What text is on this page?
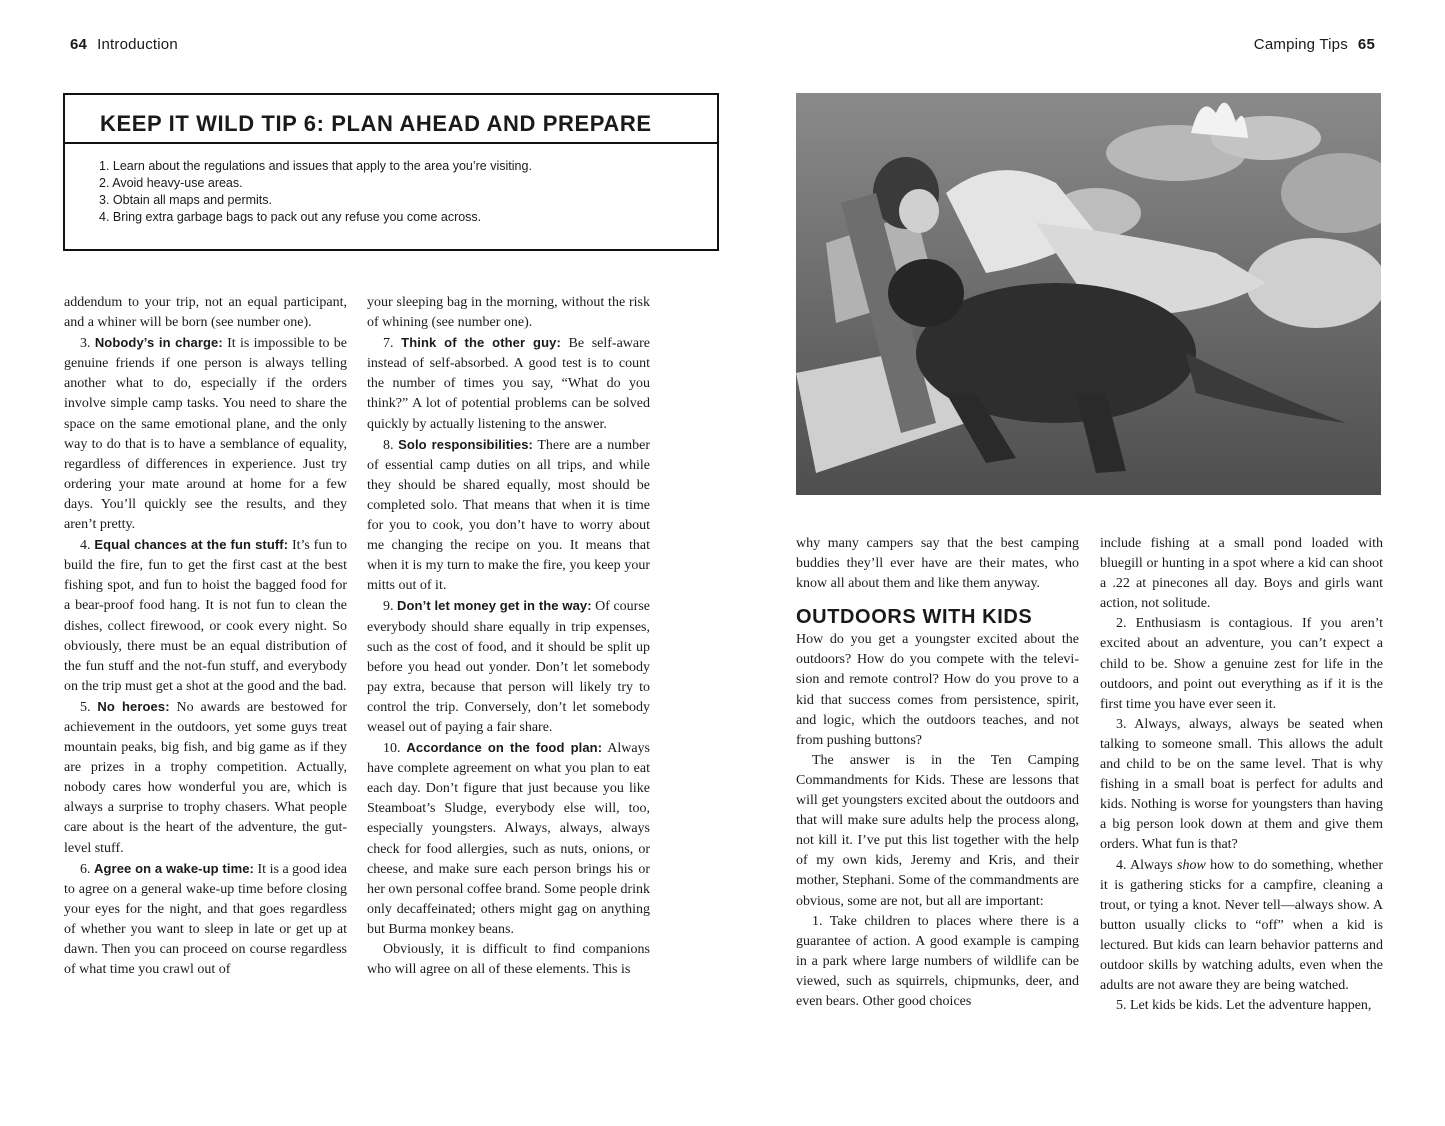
64 Introduction	Camping Tips 65
KEEP IT WILD TIP 6: PLAN AHEAD AND PREPARE
1. Learn about the regulations and issues that apply to the area you’re visiting.
2. Avoid heavy-use areas.
3. Obtain all maps and permits.
4. Bring extra garbage bags to pack out any refuse you come across.

addendum to your trip, not an equal participant, and a whiner will be born (see number one).

3. Nobody’s in charge: It is impossible to be genuine friends if one person is always telling another what to do, especially if the orders involve simple camp tasks. You need to share the space on the same emotional plane, and the only way to do that is to have a semblance of equality, regardless of differences in experience. Just try ordering your mate around at home for a few days. You’ll quickly see the results, and they aren’t pretty.

4. Equal chances at the fun stuff: It’s fun to build the fire, fun to get the first cast at the best fishing spot, and fun to hoist the bagged food for a bear-proof food hang. It is not fun to clean the dishes, collect firewood, or cook every night. So obviously, there must be an equal distribution of the fun stuff and the not-fun stuff, and everybody on the trip must get a shot at the good and the bad.

5. No heroes: No awards are bestowed for achievement in the outdoors, yet some guys treat mountain peaks, big fish, and big game as if they are prizes in a trophy competition. Actually, nobody cares how wonderful you are, which is always a surprise to trophy chasers. What people care about is the heart of the adventure, the gut-level stuff.

6. Agree on a wake-up time: It is a good idea to agree on a general wake-up time before closing your eyes for the night, and that goes regardless of whether you want to sleep in late or get up at dawn. Then you can proceed on course regardless of what time you crawl out of

your sleeping bag in the morning, without the risk of whining (see number one).

7. Think of the other guy: Be self-aware instead of self-absorbed. A good test is to count the number of times you say, “What do you think?” A lot of potential problems can be solved quickly by actually listening to the answer.

8. Solo responsibilities: There are a number of essential camp duties on all trips, and while they should be shared equally, most should be completed solo. That means that when it is time for you to cook, you don’t have to worry about me changing the recipe on you. It means that when it is my turn to make the fire, you keep your mitts out of it.

9. Don’t let money get in the way: Of course everybody should share equally in trip expenses, such as the cost of food, and it should be split up before you head out yonder. Don’t let somebody pay extra, because that person will likely try to control the trip. Conversely, don’t let somebody weasel out of paying a fair share.

10. Accordance on the food plan: Always have complete agreement on what you plan to eat each day. Don’t figure that just because you like Steamboat’s Sludge, everybody else will, too, especially youngsters. Always, always, always check for food allergies, such as nuts, onions, or cheese, and make sure each person brings his or her own personal coffee brand. Some people drink only decaffeinated; others might gag on anything but Burma monkey beans.

Obviously, it is difficult to find companions who will agree on all of these elements. This is

why many campers say that the best camping buddies they’ll ever have are their mates, who know all about them and like them anyway.

OUTDOORS WITH KIDS

How do you get a youngster excited about the outdoors? How do you compete with the television and remote control? How do you prove to a kid that success comes from persistence, spirit, and logic, which the outdoors teaches, and not from pushing buttons?

The answer is in the Ten Camping Commandments for Kids. These are lessons that will get youngsters excited about the outdoors and that will make sure adults help the process along, not kill it. I’ve put this list together with the help of my own kids, Jeremy and Kris, and their mother, Stephani. Some of the commandments are obvious, some are not, but all are important:

1. Take children to places where there is a guarantee of action. A good example is camping in a park where large numbers of wildlife can be viewed, such as squirrels, chipmunks, deer, and even bears. Other good choices

include fishing at a small pond loaded with bluegill or hunting in a spot where a kid can shoot a .22 at pinecones all day. Boys and girls want action, not solitude.

2. Enthusiasm is contagious. If you aren’t excited about an adventure, you can’t expect a child to be. Show a genuine zest for life in the outdoors, and point out everything as if it is the first time you have ever seen it.

3. Always, always, always be seated when talking to someone small. This allows the adult and child to be on the same level. That is why fishing in a small boat is perfect for adults and kids. Nothing is worse for youngsters than having a big person look down at them and give them orders. What fun is that?

4. Always show how to do something, whether it is gathering sticks for a campfire, cleaning a trout, or tying a knot. Never tell—always show. A button usually clicks to “off” when a kid is lectured. But kids can learn behavior patterns and outdoor skills by watching adults, even when the adults are not aware they are being watched.

5. Let kids be kids. Let the adventure happen,
